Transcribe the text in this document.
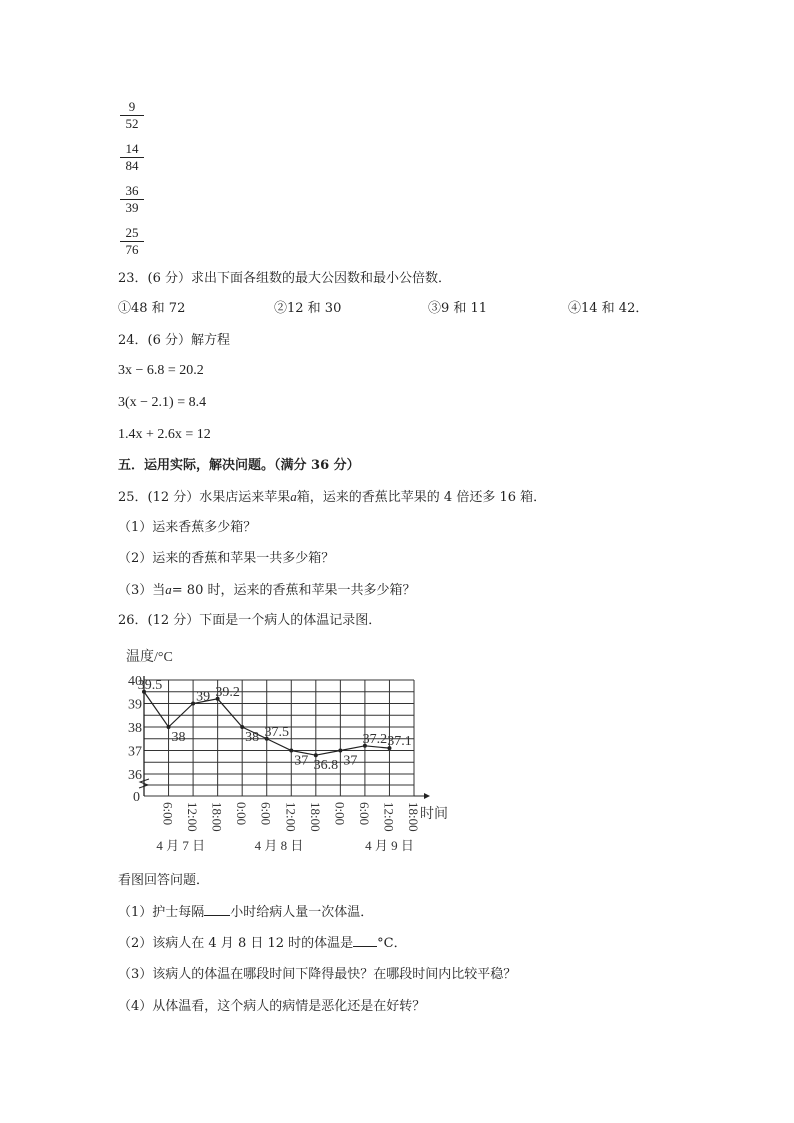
9
52
14
84
36
39
25
76
23．(6 分）求出下面各组数的最大公因数和最小公倍数．
①48 和 72	②12 和 30	③9 和 11	④14 和 42．
24．(6 分）解方程
3x − 6.8 = 20.2
3(x − 2.1) = 8.4
1.4x + 2.6x = 12
五．运用实际，解决问题。（满分 36 分）
25．(12 分）水果店运来苹果a箱，运来的香蕉比苹果的 4 倍还多 16 箱．
（1）运来香蕉多少箱？
（2）运来的香蕉和苹果一共多少箱？
（3）当a= 80 时，运来的香蕉和苹果一共多少箱？
26．(12 分）下面是一个病人的体温记录图．
温度/°C
40
39
38
37
36
0
6:00 12:00 18:00 0:00 6:00 12:00 18:00 0:00 6:00 12:00 18:00 时间
4 月 7 日	4 月 8 日	4 月 9 日
39.5
38
39 39.2
38 37.5
37 36.8 37
37.2 37.1
看图回答问题．
（1）护士每隔 小时给病人量一次体温．
（2）该病人在 4 月 8 日 12 时的体温是 °C．
（3）该病人的体温在哪段时间下降得最快？在哪段时间内比较平稳？
（4）从体温看，这个病人的病情是恶化还是在好转？
